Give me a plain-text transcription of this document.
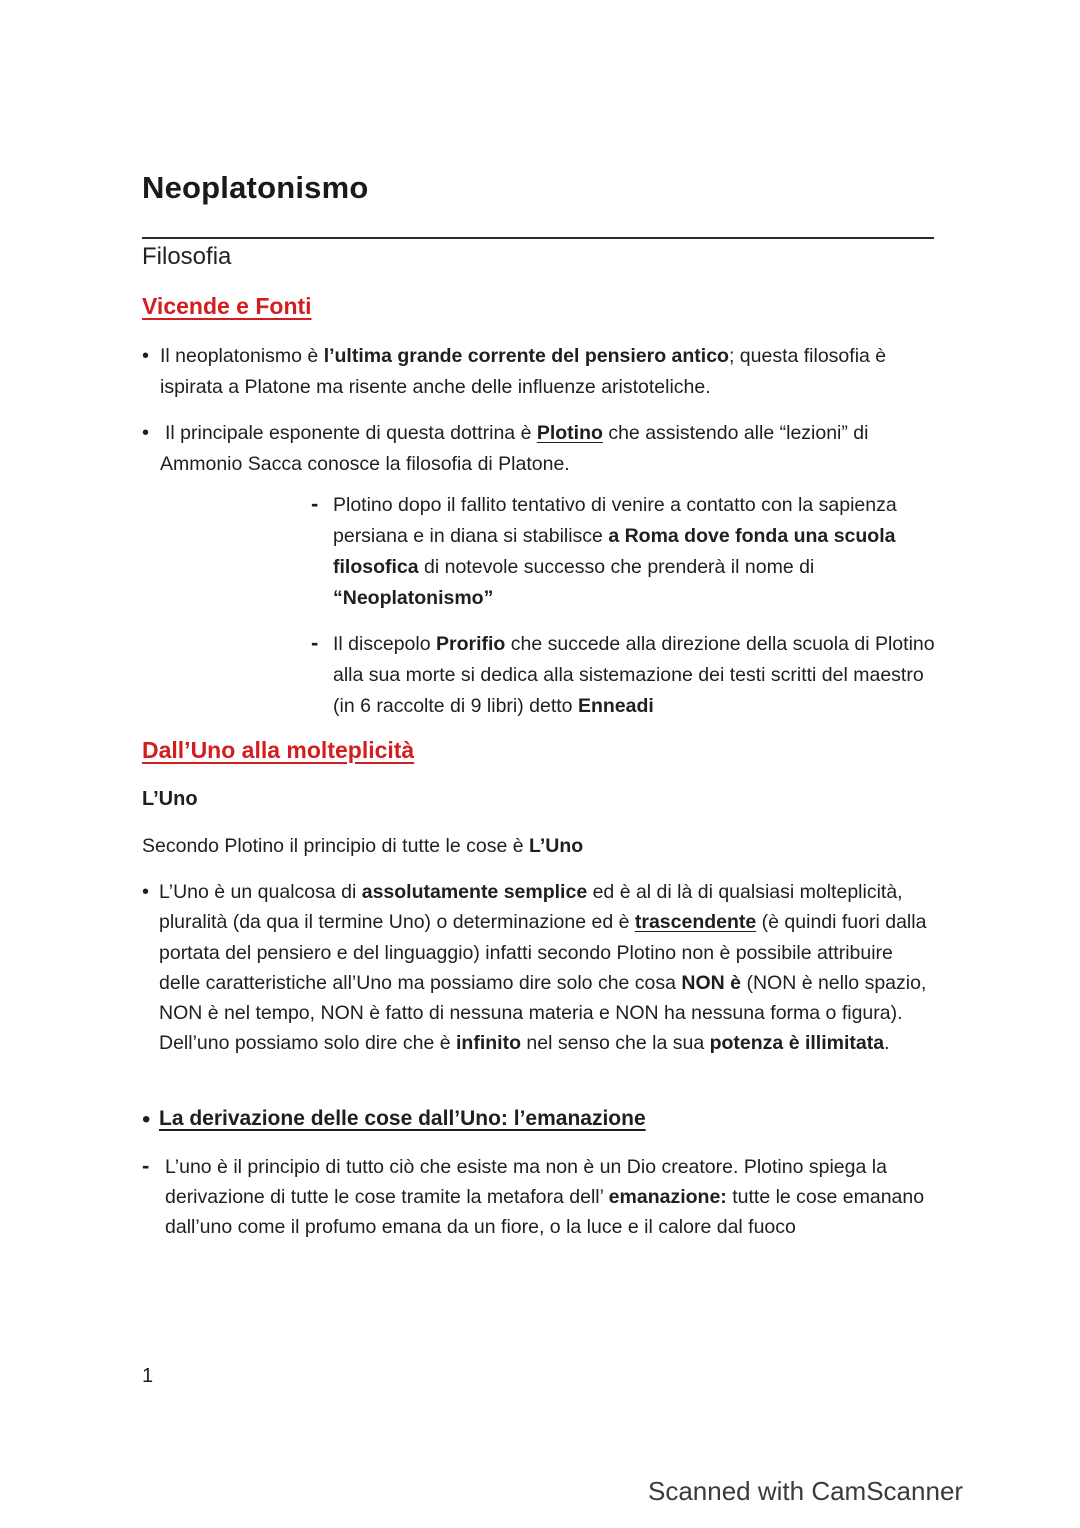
Neoplatonismo
Filosofia
Vicende e Fonti
• Il neoplatonismo è l’ultima grande corrente del pensiero antico; questa filosofia è ispirata a Platone ma risente anche delle influenze aristoteliche.
• Il principale esponente di questa dottrina è Plotino che assistendo alle “lezioni” di Ammonio Sacca conosce la filosofia di Platone.
- Plotino dopo il fallito tentativo di venire a contatto con la sapienza persiana e in diana si stabilisce a Roma dove fonda una scuola filosofica di notevole successo che prenderà il nome di “Neoplatonismo”
- Il discepolo Prorifio che succede alla direzione della scuola di Plotino alla sua morte si dedica alla sistemazione dei testi scritti del maestro (in 6 raccolte di 9 libri) detto Enneadi
Dall’Uno alla molteplicità
L’Uno
Secondo Plotino il principio di tutte le cose è L’Uno
• L’Uno è un qualcosa di assolutamente semplice ed è al di là di qualsiasi molteplicità, pluralità (da qua il termine Uno) o determinazione ed è trascendente (è quindi fuori dalla portata del pensiero e del linguaggio) infatti secondo Plotino non è possibile attribuire delle caratteristiche all’Uno ma possiamo dire solo che cosa NON è (NON è nello spazio, NON è nel tempo, NON è fatto di nessuna materia e NON ha nessuna forma o figura). Dell’uno possiamo solo dire che è infinito nel senso che la sua potenza è illimitata.
• La derivazione delle cose dall’Uno: l’emanazione
- L’uno è il principio di tutto ciò che esiste ma non è un Dio creatore. Plotino spiega la derivazione di tutte le cose tramite la metafora dell’ emanazione: tutte le cose emanano dall’uno come il profumo emana da un fiore, o la luce e il calore dal fuoco
1
Scanned with CamScanner
